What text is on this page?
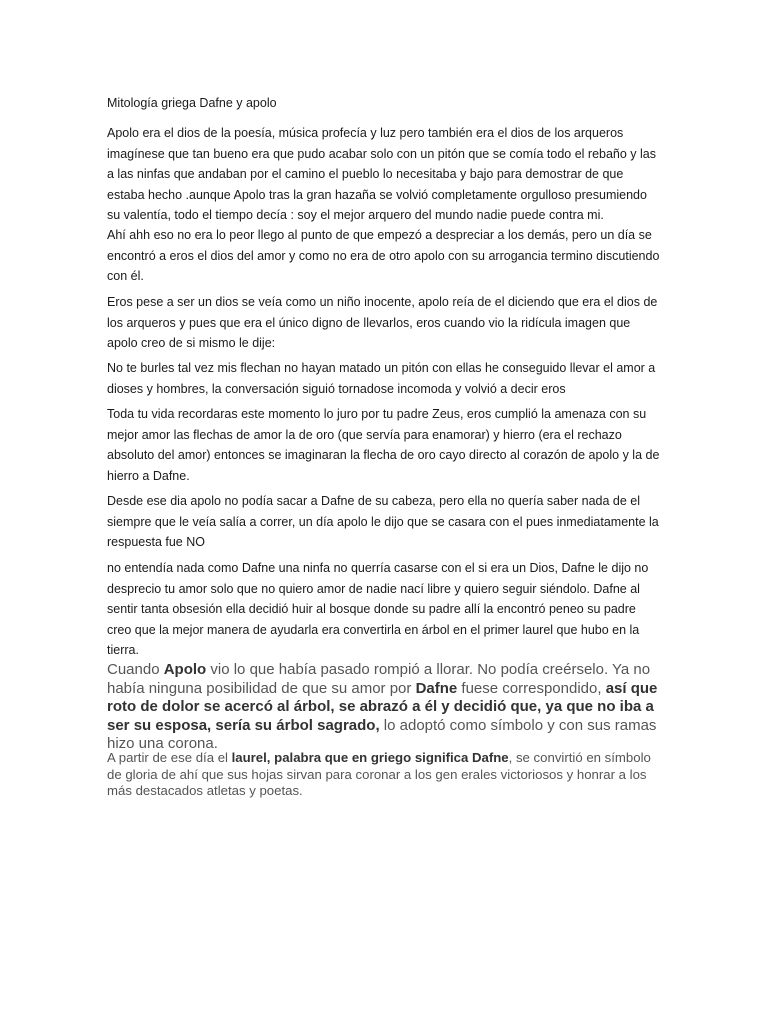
Mitología griega Dafne y apolo

Apolo era el dios de la poesía, música profecía y luz pero también era el dios de los arqueros imagínese que tan bueno era que pudo acabar solo con un pitón que se comía todo el rebaño y las a las ninfas que andaban por el camino el pueblo lo necesitaba y bajo para demostrar de que estaba hecho .aunque Apolo tras la gran hazaña se volvió completamente orgulloso presumiendo su valentía, todo el tiempo decía : soy el mejor arquero del mundo nadie puede contra mi.

Ahí ahh eso no era lo peor llego al punto de que empezó a despreciar a los demás, pero un día se encontró a eros el dios del amor y como no era de otro apolo con su arrogancia termino discutiendo con él.

Eros pese a ser un dios se veía como un niño inocente, apolo reía de el diciendo que era el dios de los arqueros y pues que era el único digno de llevarlos, eros cuando vio la ridícula imagen que apolo creo de si mismo le dije:

No te burles tal vez mis flechan no hayan matado un pitón con ellas he conseguido llevar el amor a dioses y hombres, la conversación siguió tornadose incomoda y volvió a decir eros

Toda tu vida recordaras este momento lo juro por tu padre Zeus, eros cumplió la amenaza con su mejor amor las flechas de amor la de oro (que servía para enamorar) y hierro (era el rechazo absoluto del amor) entonces se imaginaran la flecha de oro cayo directo al corazón de apolo y la de hierro a Dafne.

Desde ese dia apolo no podía sacar a Dafne de su cabeza, pero ella no quería saber nada de el siempre que le veía salía a correr, un día apolo le dijo que se casara con el pues inmediatamente la respuesta fue NO

no entendía nada como Dafne una ninfa no querría casarse con el si era un Dios, Dafne le dijo no desprecio tu amor solo que no quiero amor de nadie nací libre y quiero seguir siéndolo. Dafne al sentir tanta obsesión ella decidió huir al bosque donde su padre allí la encontró peneo su padre creo que la mejor manera de ayudarla era convertirla en árbol en el primer laurel que hubo en la tierra.

Cuando Apolo vio lo que había pasado rompió a llorar. No podía creérselo. Ya no había ninguna posibilidad de que su amor por Dafne fuese correspondido, así que roto de dolor se acercó al árbol, se abrazó a él y decidió que, ya que no iba a ser su esposa, sería su árbol sagrado, lo adoptó como símbolo y con sus ramas hizo una corona.

A partir de ese día el laurel, palabra que en griego significa Dafne, se convirtió en símbolo de gloria de ahí que sus hojas sirvan para coronar a los gen erales victoriosos y honrar a los más destacados atletas y poetas.
